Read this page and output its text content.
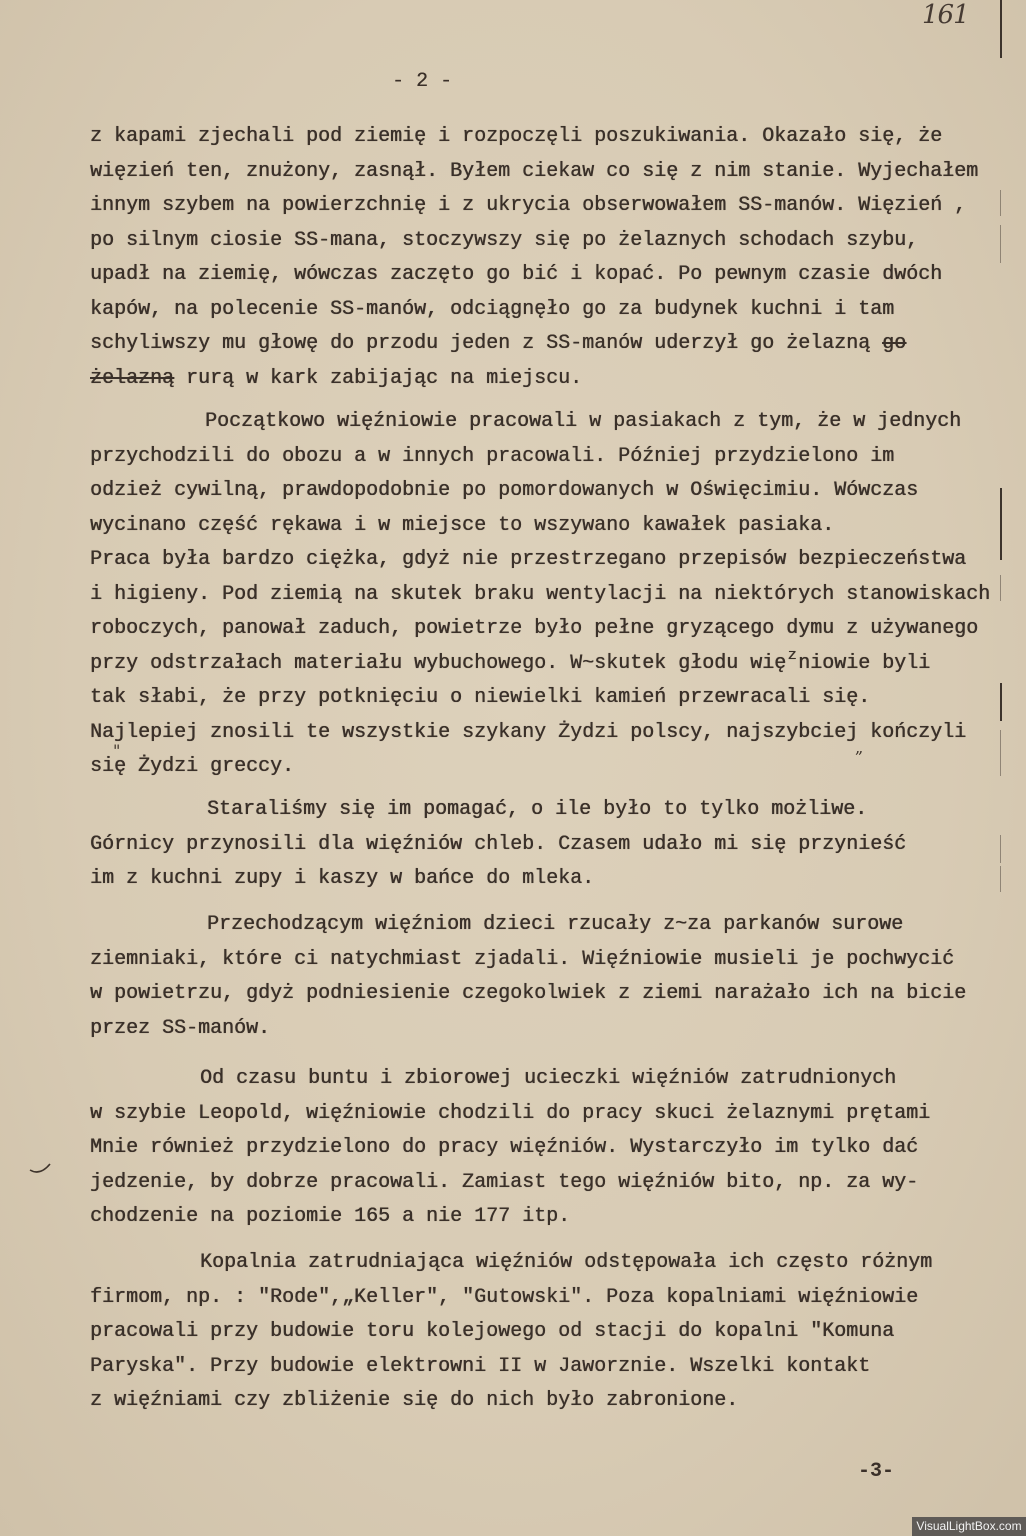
161
- 2 -
z kapami zjechali pod ziemię i rozpoczęli poszukiwania. Okazało się, że
więzień ten, znużony, zasnął. Byłem ciekaw co się z nim stanie. Wyjechałem
innym szybem na powierzchnię i z ukrycia obserwowałem SS-manów. Więzień ,
po silnym ciosie SS-mana, stoczywszy się po żelaznych schodach szybu,
upadł na ziemię, wówczas zaczęto go bić i kopać. Po pewnym czasie dwóch
kapów, na polecenie SS-manów, odciągnęło go za budynek kuchni i tam
schyliwszy mu głowę do przodu jeden z SS-manów uderzył go żelazną go
żelazną rurą w kark zabijając na miejscu.
Początkowo więźniowie pracowali w pasiakach z tym, że w jednych
przychodzili do obozu a w innych pracowali. Później przydzielono im
odzież cywilną, prawdopodobnie po pomordowanych w Oświęcimiu. Wówczas
wycinano część rękawa i w miejsce to wszywano kawałek pasiaka.
Praca była bardzo ciężka, gdyż nie przestrzegano przepisów bezpieczeństwa
i higieny. Pod ziemią na skutek braku wentylacji na niektórych stanowiskach
roboczych, panował zaduch, powietrze było pełne gryzącego dymu z używanego
przy odstrzałach materiału wybuchowego. W~skutek głodu więzniowie byli
tak słabi, że przy potknięciu o niewielki kamień przewracali się.
Najlepiej znosili te wszystkie szykany Żydzi polscy, najszybciej kończyli
się Żydzi greccy.
„
"
Staraliśmy się im pomagać, o ile było to tylko możliwe.
Górnicy przynosili dla więźniów chleb. Czasem udało mi się przynieść
im z kuchni zupy i kaszy w bańce do mleka.
Przechodzącym więźniom dzieci rzucały z~za parkanów surowe
ziemniaki, które ci natychmiast zjadali. Więźniowie musieli je pochwycić
w powietrzu, gdyż podniesienie czegokolwiek z ziemi narażało ich na bicie
przez SS-manów.
Od czasu buntu i zbiorowej ucieczki więźniów zatrudnionych
w szybie Leopold, więźniowie chodzili do pracy skuci żelaznymi prętami
Mnie również przydzielono do pracy więźniów. Wystarczyło im tylko dać
jedzenie, by dobrze pracowali. Zamiast tego więźniów bito, np. za wy-
chodzenie na poziomie 165 a nie 177 itp.
Kopalnia zatrudniająca więźniów odstępowała ich często różnym
firmom, np. : "Rode",„Keller", "Gutowski". Poza kopalniami więźniowie
pracowali przy budowie toru kolejowego od stacji do kopalni "Komuna
Paryska". Przy budowie elektrowni II w Jaworznie. Wszelki kontakt
z więźniami czy zbliżenie się do nich było zabronione.
-3-
VisualLightBox.com
